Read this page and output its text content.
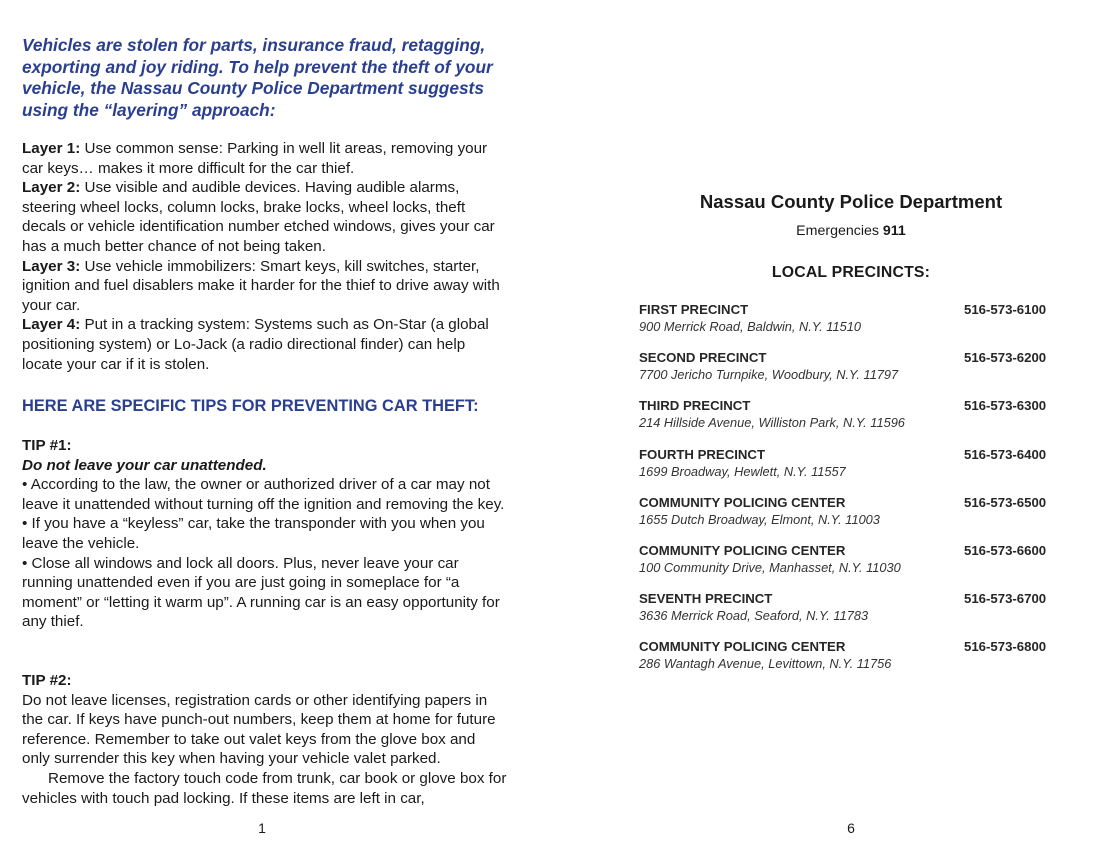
Vehicles are stolen for parts, insurance fraud, retagging, exporting and joy riding. To help prevent the theft of your vehicle, the Nassau County Police Department suggests using the “layering” approach:

Layer 1: Use common sense: Parking in well lit areas, removing your car keys… makes it more difficult for the car thief.

Layer 2: Use visible and audible devices. Having audible alarms, steering wheel locks, column locks, brake locks, wheel locks, theft decals or vehicle identification number etched windows, gives your car has a much better chance of not being taken.

Layer 3: Use vehicle immobilizers: Smart keys, kill switches, starter, ignition and fuel disablers make it harder for the thief to drive away with your car.

Layer 4: Put in a tracking system: Systems such as On-Star (a global positioning system) or Lo-Jack (a radio directional finder) can help locate your car if it is stolen.

HERE ARE SPECIFIC TIPS FOR PREVENTING CAR THEFT:

TIP #1:

Do not leave your car unattended.

• According to the law, the owner or authorized driver of a car may not leave it unattended without turning off the ignition and removing the key.

• If you have a “keyless” car, take the transponder with you when you leave the vehicle.

• Close all windows and lock all doors. Plus, never leave your car running unattended even if you are just going in someplace for “a moment” or “letting it warm up”. A running car is an easy opportunity for any thief.

TIP #2:

Do not leave licenses, registration cards or other identifying papers in the car. If keys have punch-out numbers, keep them at home for future reference. Remember to take out valet keys from the glove box and only surrender this key when having your vehicle valet parked.

Remove the factory touch code from trunk, car book or glove box for vehicles with touch pad locking. If these items are left in car,

1
Nassau County Police Department
Emergencies 911
LOCAL PRECINCTS:
FIRST PRECINCT	516-573-6100
900 Merrick Road, Baldwin, N.Y. 11510
SECOND PRECINCT	516-573-6200
7700 Jericho Turnpike, Woodbury, N.Y. 11797
THIRD PRECINCT	516-573-6300
214 Hillside Avenue, Williston Park, N.Y. 11596
FOURTH PRECINCT	516-573-6400
1699 Broadway, Hewlett, N.Y. 11557
COMMUNITY POLICING CENTER	516-573-6500
1655 Dutch Broadway, Elmont, N.Y. 11003
COMMUNITY POLICING CENTER	516-573-6600
100 Community Drive, Manhasset, N.Y. 11030
SEVENTH PRECINCT	516-573-6700
3636 Merrick Road, Seaford, N.Y. 11783
COMMUNITY POLICING CENTER	516-573-6800
286 Wantagh Avenue, Levittown, N.Y. 11756
6
